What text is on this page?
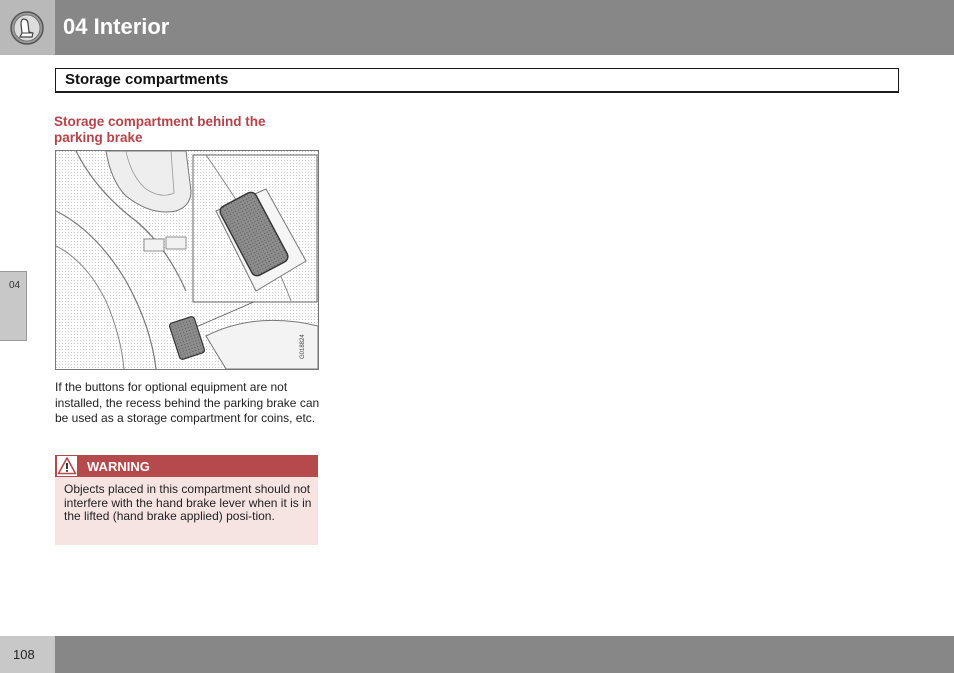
04 Interior
Storage compartments
04
Storage compartment behind the parking brake
G018824
If the buttons for optional equipment are not installed, the recess behind the parking brake can be used as a storage compartment for coins, etc.
WARNING
Objects placed in this compartment should not interfere with the hand brake lever when it is in the lifted (hand brake applied) posi-tion.
108
